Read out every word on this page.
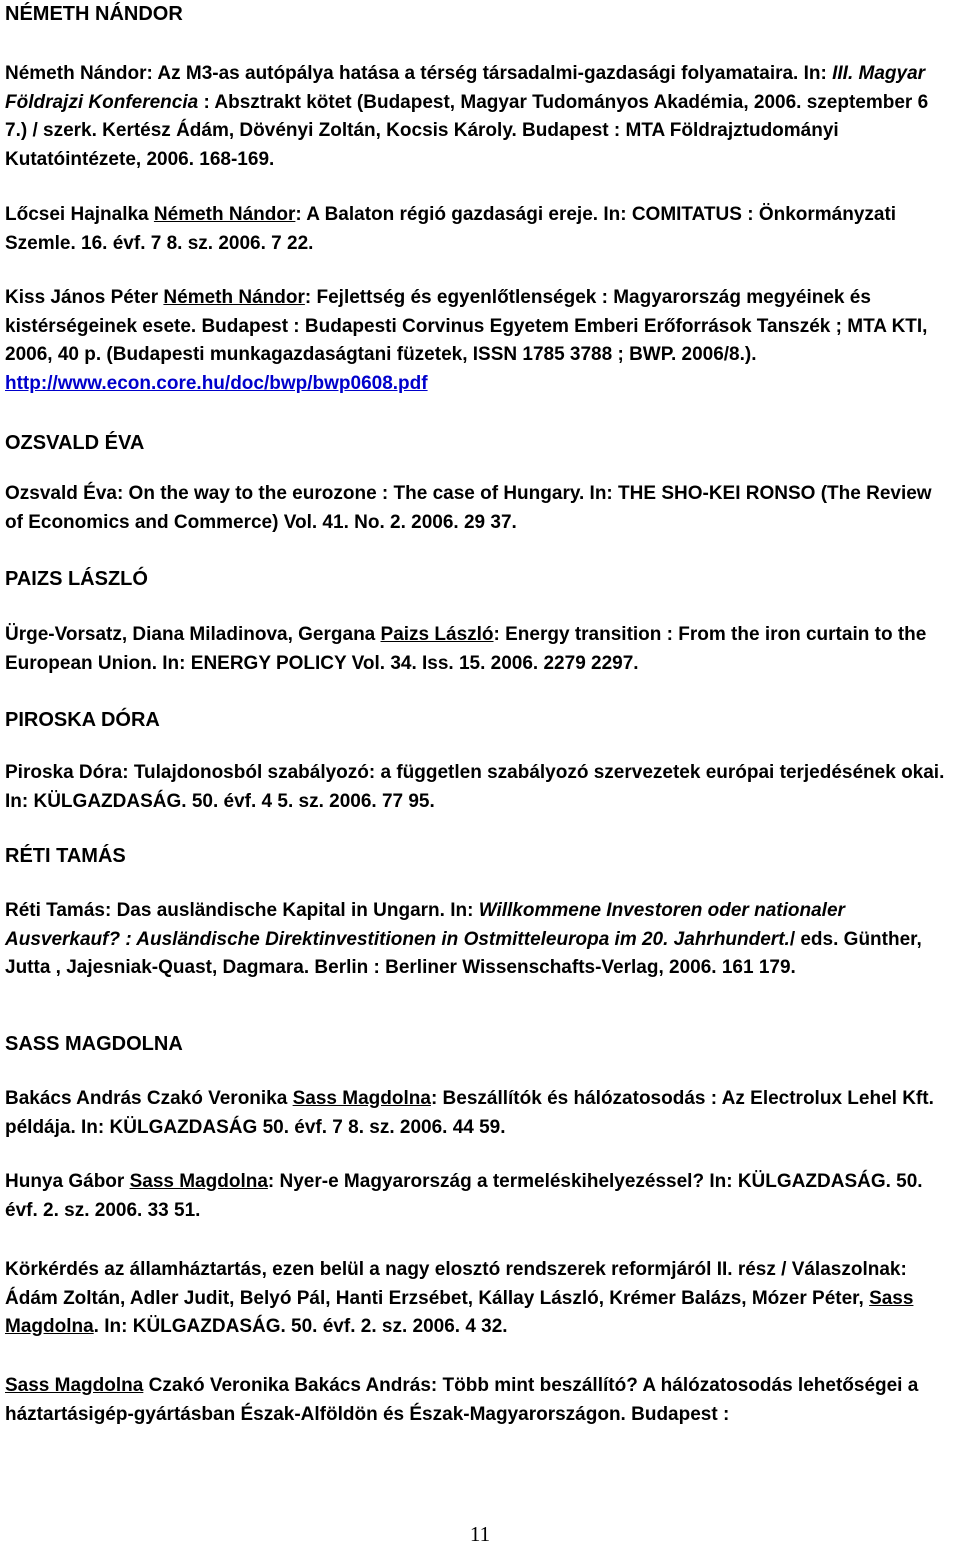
NÉMETH NÁNDOR

Németh Nándor: Az M3-as autópálya hatása a térség társadalmi-gazdasági folyamataira. In: III. Magyar Földrajzi Konferencia : Absztrakt kötet (Budapest, Magyar Tudományos Akadémia, 2006. szeptember 6 7.) / szerk. Kertész Ádám, Dövényi Zoltán, Kocsis Károly. Budapest : MTA Földrajztudományi Kutatóintézete, 2006. 168-169.

Lőcsei Hajnalka Németh Nándor: A Balaton régió gazdasági ereje. In: COMITATUS : Önkormányzati Szemle. 16. évf. 7 8. sz. 2006. 7 22.

Kiss János Péter Németh Nándor: Fejlettség és egyenlőtlenségek : Magyarország megyéinek és kistérségeinek esete. Budapest : Budapesti Corvinus Egyetem Emberi Erőforrások Tanszék ; MTA KTI, 2006, 40 p. (Budapesti munkagazdaságtani füzetek, ISSN 1785 3788 ; BWP. 2006/8.). http://www.econ.core.hu/doc/bwp/bwp0608.pdf

OZSVALD ÉVA

Ozsvald Éva: On the way to the eurozone : The case of Hungary. In: THE SHO-KEI RONSO (The Review of Economics and Commerce) Vol. 41. No. 2. 2006. 29 37.

PAIZS LÁSZLÓ

Ürge-Vorsatz, Diana Miladinova, Gergana Paizs László: Energy transition : From the iron curtain to the European Union. In: ENERGY POLICY Vol. 34. Iss. 15. 2006. 2279 2297.

PIROSKA DÓRA

Piroska Dóra: Tulajdonosból szabályozó: a független szabályozó szervezetek európai terjedésének okai. In: KÜLGAZDASÁG. 50. évf. 4 5. sz. 2006. 77 95.

RÉTI TAMÁS

Réti Tamás: Das ausländische Kapital in Ungarn. In: Willkommene Investoren oder nationaler Ausverkauf? : Ausländische Direktinvestitionen in Ostmitteleuropa im 20. Jahrhundert./ eds. Günther, Jutta , Jajesniak-Quast, Dagmara. Berlin : Berliner Wissenschafts-Verlag, 2006. 161 179.

SASS MAGDOLNA

Bakács András Czakó Veronika Sass Magdolna: Beszállítók és hálózatosodás : Az Electrolux Lehel Kft. példája. In: KÜLGAZDASÁG 50. évf. 7 8. sz. 2006. 44 59.

Hunya Gábor Sass Magdolna: Nyer-e Magyarország a termeléskihelyezéssel? In: KÜLGAZDASÁG. 50. évf. 2. sz. 2006. 33 51.

Körkérdés az államháztartás, ezen belül a nagy elosztó rendszerek reformjáról II. rész / Válaszolnak: Ádám Zoltán, Adler Judit, Belyó Pál, Hanti Erzsébet, Kállay László, Krémer Balázs, Mózer Péter, Sass Magdolna. In: KÜLGAZDASÁG. 50. évf. 2. sz. 2006. 4 32.

Sass Magdolna Czakó Veronika Bakács András: Több mint beszállító? A hálózatosodás lehetőségei a háztartásigép-gyártásban Észak-Alföldön és Észak-Magyarországon. Budapest :

11
